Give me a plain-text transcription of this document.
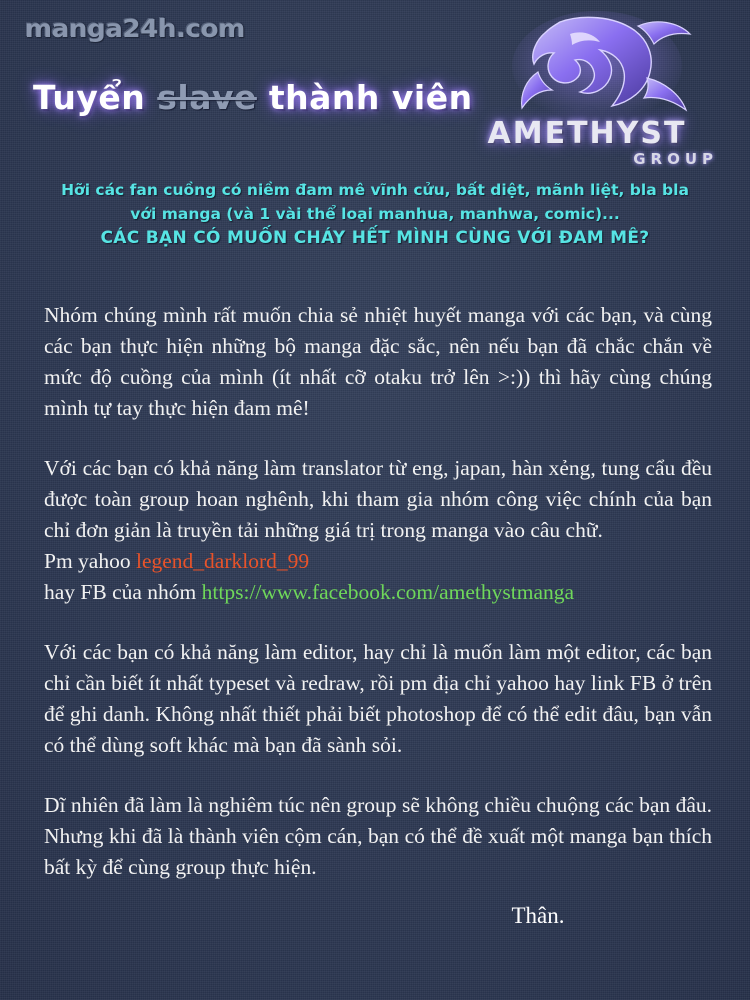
manga24h.com
AMETHYST
GROUP
Tuyển slave thành viên
Hỡi các fan cuồng có niềm đam mê vĩnh cửu, bất diệt, mãnh liệt, bla bla
với manga (và 1 vài thể loại manhua, manhwa, comic)...
CÁC BẠN CÓ MUỐN CHÁY HẾT MÌNH CÙNG VỚI ĐAM MÊ?

Nhóm chúng mình rất muốn chia sẻ nhiệt huyết manga với các bạn, và cùng các bạn thực hiện những bộ manga đặc sắc, nên nếu bạn đã chắc chắn về mức độ cuồng của mình (ít nhất cỡ otaku trở lên >:)) thì hãy cùng chúng mình tự tay thực hiện đam mê!

Với các bạn có khả năng làm translator từ eng, japan, hàn xẻng, tung cẩu đều được toàn group hoan nghênh, khi tham gia nhóm công việc chính của bạn chỉ đơn giản là truyền tải những giá trị trong manga vào câu chữ.

Pm yahoo legend_darklord_99

hay FB của nhóm https://www.facebook.com/amethystmanga

Với các bạn có khả năng làm editor, hay chỉ là muốn làm một editor, các bạn chỉ cần biết ít nhất typeset và redraw, rồi pm địa chỉ yahoo hay link FB ở trên để ghi danh. Không nhất thiết phải biết photoshop để có thể edit đâu, bạn vẫn có thể dùng soft khác mà bạn đã sành sỏi.

Dĩ nhiên đã làm là nghiêm túc nên group sẽ không chiều chuộng các bạn đâu. Nhưng khi đã là thành viên cộm cán, bạn có thể đề xuất một manga bạn thích bất kỳ để cùng group thực hiện.

Thân.
